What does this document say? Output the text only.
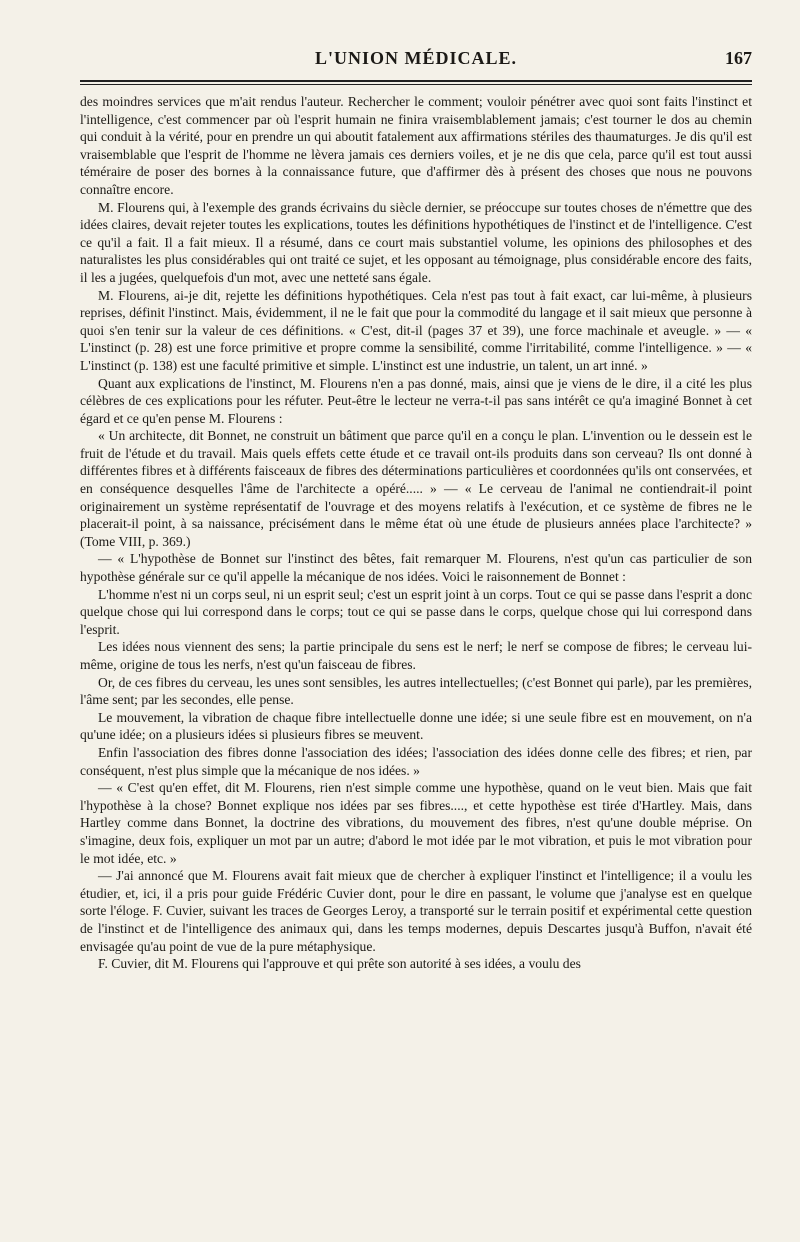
L'UNION MÉDICALE.	167

des moindres services que m'ait rendus l'auteur. Rechercher le comment; vouloir pénétrer avec quoi sont faits l'instinct et l'intelligence, c'est commencer par où l'esprit humain ne finira vraisemblablement jamais; c'est tourner le dos au chemin qui conduit à la vérité, pour en prendre un qui aboutit fatalement aux affirmations stériles des thaumaturges. Je dis qu'il est vraisemblable que l'esprit de l'homme ne lèvera jamais ces derniers voiles, et je ne dis que cela, parce qu'il est tout aussi téméraire de poser des bornes à la connaissance future, que d'affirmer dès à présent des choses que nous ne pouvons connaître encore.

M. Flourens qui, à l'exemple des grands écrivains du siècle dernier, se préoccupe sur toutes choses de n'émettre que des idées claires, devait rejeter toutes les explications, toutes les définitions hypothétiques de l'instinct et de l'intelligence. C'est ce qu'il a fait. Il a fait mieux. Il a résumé, dans ce court mais substantiel volume, les opinions des philosophes et des naturalistes les plus considérables qui ont traité ce sujet, et les opposant au témoignage, plus considérable encore des faits, il les a jugées, quelquefois d'un mot, avec une netteté sans égale.

M. Flourens, ai-je dit, rejette les définitions hypothétiques. Cela n'est pas tout à fait exact, car lui-même, à plusieurs reprises, définit l'instinct. Mais, évidemment, il ne le fait que pour la commodité du langage et il sait mieux que personne à quoi s'en tenir sur la valeur de ces définitions. « C'est, dit-il (pages 37 et 39), une force machinale et aveugle. » — « L'instinct (p. 28) est une force primitive et propre comme la sensibilité, comme l'irritabilité, comme l'intelligence. » — « L'instinct (p. 138) est une faculté primitive et simple. L'instinct est une industrie, un talent, un art inné. »

Quant aux explications de l'instinct, M. Flourens n'en a pas donné, mais, ainsi que je viens de le dire, il a cité les plus célèbres de ces explications pour les réfuter. Peut-être le lecteur ne verra-t-il pas sans intérêt ce qu'a imaginé Bonnet à cet égard et ce qu'en pense M. Flourens :

« Un architecte, dit Bonnet, ne construit un bâtiment que parce qu'il en a conçu le plan. L'invention ou le dessein est le fruit de l'étude et du travail. Mais quels effets cette étude et ce travail ont-ils produits dans son cerveau? Ils ont donné à différentes fibres et à différents faisceaux de fibres des déterminations particulières et coordonnées qu'ils ont conservées, et en conséquence desquelles l'âme de l'architecte a opéré..... » — « Le cerveau de l'animal ne contiendrait-il point originairement un système représentatif de l'ouvrage et des moyens relatifs à l'exécution, et ce système de fibres ne le placerait-il point, à sa naissance, précisément dans le même état où une étude de plusieurs années place l'architecte? » (Tome VIII, p. 369.)

— « L'hypothèse de Bonnet sur l'instinct des bêtes, fait remarquer M. Flourens, n'est qu'un cas particulier de son hypothèse générale sur ce qu'il appelle la mécanique de nos idées. Voici le raisonnement de Bonnet :

L'homme n'est ni un corps seul, ni un esprit seul; c'est un esprit joint à un corps. Tout ce qui se passe dans l'esprit a donc quelque chose qui lui correspond dans le corps; tout ce qui se passe dans le corps, quelque chose qui lui correspond dans l'esprit.

Les idées nous viennent des sens; la partie principale du sens est le nerf; le nerf se compose de fibres; le cerveau lui-même, origine de tous les nerfs, n'est qu'un faisceau de fibres.

Or, de ces fibres du cerveau, les unes sont sensibles, les autres intellectuelles; (c'est Bonnet qui parle), par les premières, l'âme sent; par les secondes, elle pense.

Le mouvement, la vibration de chaque fibre intellectuelle donne une idée; si une seule fibre est en mouvement, on n'a qu'une idée; on a plusieurs idées si plusieurs fibres se meuvent.

Enfin l'association des fibres donne l'association des idées; l'association des idées donne celle des fibres; et rien, par conséquent, n'est plus simple que la mécanique de nos idées. »

— « C'est qu'en effet, dit M. Flourens, rien n'est simple comme une hypothèse, quand on le veut bien. Mais que fait l'hypothèse à la chose? Bonnet explique nos idées par ses fibres...., et cette hypothèse est tirée d'Hartley. Mais, dans Hartley comme dans Bonnet, la doctrine des vibrations, du mouvement des fibres, n'est qu'une double méprise. On s'imagine, deux fois, expliquer un mot par un autre; d'abord le mot idée par le mot vibration, et puis le mot vibration pour le mot idée, etc. »

— J'ai annoncé que M. Flourens avait fait mieux que de chercher à expliquer l'instinct et l'intelligence; il a voulu les étudier, et, ici, il a pris pour guide Frédéric Cuvier dont, pour le dire en passant, le volume que j'analyse est en quelque sorte l'éloge. F. Cuvier, suivant les traces de Georges Leroy, a transporté sur le terrain positif et expérimental cette question de l'instinct et de l'intelligence des animaux qui, dans les temps modernes, depuis Descartes jusqu'à Buffon, n'avait été envisagée qu'au point de vue de la pure métaphysique.

F. Cuvier, dit M. Flourens qui l'approuve et qui prête son autorité à ses idées, a voulu des
